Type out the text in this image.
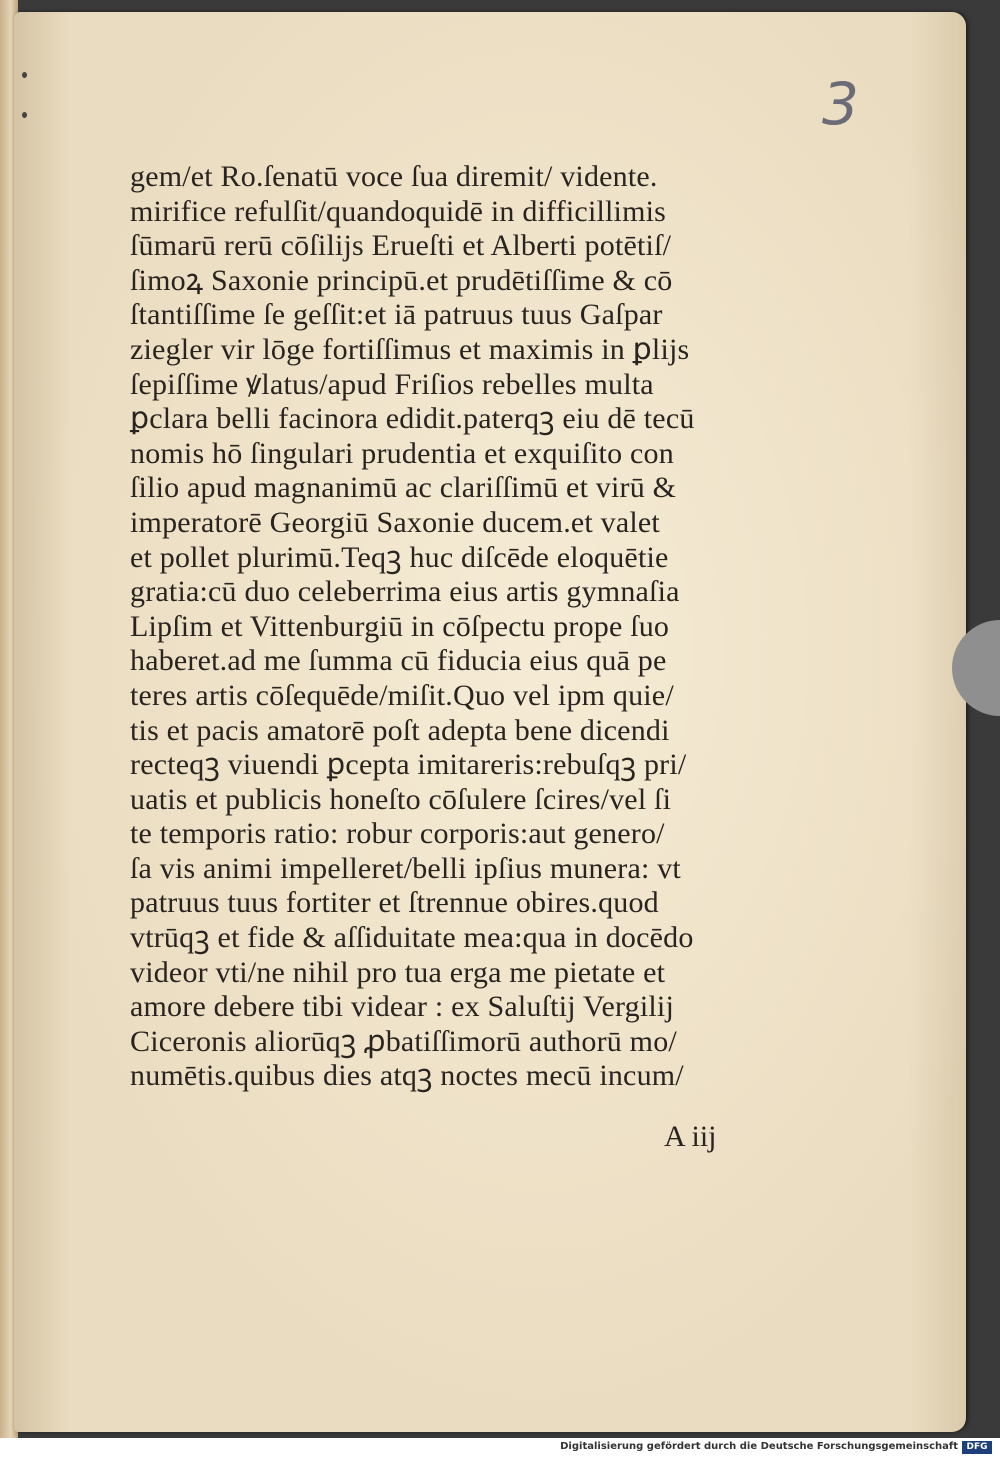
3
gem/et Ro.ſenatū voce ſua diremit/ vidente.
mirifice refulſit/quandoquidē in difficillimis
ſūmarū rerū cōſilijs Erueſti et Alberti potētiſ/
ſimoꝝ Saxonie principū.et prudētiſſime & cō
ſtantiſſime ſe geſſit:et iā patruus tuus Gaſpar
ziegler vir lōge fortiſſimus et maximis in ꝑlijs
ſepiſſime ꝟlatus/apud Friſios rebelles multa
ꝑclara belli facinora edidit.paterqꝫ eiu dē tecū
nomis hō ſingulari prudentia et exquiſito con
ſilio apud magnanimū ac clariſſimū et virū &
imperatorē Georgiū Saxonie ducem.et valet
et pollet plurimū.Teqꝫ huc diſcēde eloquētie
gratia:cū duo celeberrima eius artis gymnaſia
Lipſim et Vittenburgiū in cōſpectu prope ſuo
haberet.ad me ſumma cū fiducia eius quā pe
teres artis cōſequēde/miſit.Quo vel ipm quie/
tis et pacis amatorē poſt adepta bene dicendi
recteqꝫ viuendi ꝑcepta imitareris:rebuſqꝫ pri/
uatis et publicis honeſto cōſulere ſcires/vel ſi
te temporis ratio: robur corporis:aut genero/
ſa vis animi impelleret/belli ipſius munera: vt
patruus tuus fortiter et ſtrennue obires.quod
vtrūqꝫ et fide & aſſiduitate mea:qua in docēdo
videor vti/ne nihil pro tua erga me pietate et
amore debere tibi videar : ex Saluſtij Vergilij
Ciceronis aliorūqꝫ ꝓbatiſſimorū authorū mo/
numētis.quibus dies atqꝫ noctes mecū incum/
A iij
Digitalisierung gefördert durch die Deutsche Forschungsgemeinschaft DFG
